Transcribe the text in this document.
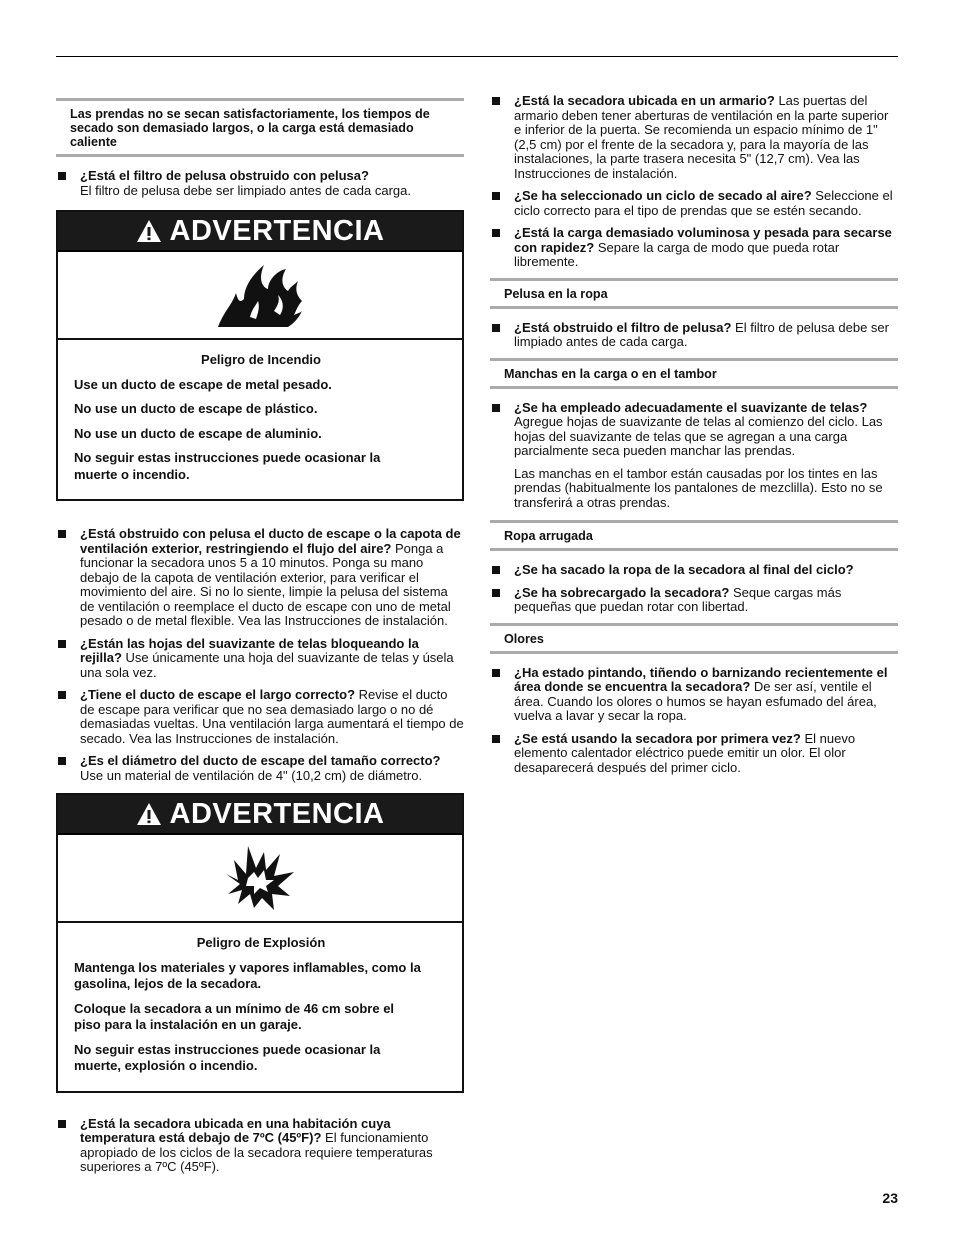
Las prendas no se secan satisfactoriamente, los tiempos de secado son demasiado largos, o la carga está demasiado caliente
¿Está el filtro de pelusa obstruido con pelusa?
El filtro de pelusa debe ser limpiado antes de cada carga.
ADVERTENCIA
Peligro de Incendio

Use un ducto de escape de metal pesado.

No use un ducto de escape de plástico.

No use un ducto de escape de aluminio.

No seguir estas instrucciones puede ocasionar la muerte o incendio.

¿Está obstruido con pelusa el ducto de escape o la capota de ventilación exterior, restringiendo el flujo del aire? Ponga a funcionar la secadora unos 5 a 10 minutos. Ponga su mano debajo de la capota de ventilación exterior, para verificar el movimiento del aire. Si no lo siente, limpie la pelusa del sistema de ventilación o reemplace el ducto de escape con uno de metal pesado o de metal flexible. Vea las Instrucciones de instalación.
¿Están las hojas del suavizante de telas bloqueando la rejilla? Use únicamente una hoja del suavizante de telas y úsela una sola vez.
¿Tiene el ducto de escape el largo correcto? Revise el ducto de escape para verificar que no sea demasiado largo o no dé demasiadas vueltas. Una ventilación larga aumentará el tiempo de secado. Vea las Instrucciones de instalación.
¿Es el diámetro del ducto de escape del tamaño correcto? Use un material de ventilación de 4" (10,2 cm) de diámetro.
ADVERTENCIA
Peligro de Explosión

Mantenga los materiales y vapores inflamables, como la gasolina, lejos de la secadora.

Coloque la secadora a un mínimo de 46 cm sobre el piso para la instalación en un garaje.

No seguir estas instrucciones puede ocasionar la muerte, explosión o incendio.

¿Está la secadora ubicada en una habitación cuya temperatura está debajo de 7ºC (45ºF)? El funcionamiento apropiado de los ciclos de la secadora requiere temperaturas superiores a 7ºC (45ºF).
¿Está la secadora ubicada en un armario? Las puertas del armario deben tener aberturas de ventilación en la parte superior e inferior de la puerta. Se recomienda un espacio mínimo de 1" (2,5 cm) por el frente de la secadora y, para la mayoría de las instalaciones, la parte trasera necesita 5" (12,7 cm). Vea las Instrucciones de instalación.
¿Se ha seleccionado un ciclo de secado al aire? Seleccione el ciclo correcto para el tipo de prendas que se estén secando.
¿Está la carga demasiado voluminosa y pesada para secarse con rapidez? Separe la carga de modo que pueda rotar libremente.
Pelusa en la ropa
¿Está obstruido el filtro de pelusa? El filtro de pelusa debe ser limpiado antes de cada carga.
Manchas en la carga o en el tambor
¿Se ha empleado adecuadamente el suavizante de telas? Agregue hojas de suavizante de telas al comienzo del ciclo. Las hojas del suavizante de telas que se agregan a una carga parcialmente seca pueden manchar las prendas.
Las manchas en el tambor están causadas por los tintes en las prendas (habitualmente los pantalones de mezclilla). Esto no se transferirá a otras prendas.
Ropa arrugada
¿Se ha sacado la ropa de la secadora al final del ciclo?
¿Se ha sobrecargado la secadora? Seque cargas más pequeñas que puedan rotar con libertad.
Olores
¿Ha estado pintando, tiñendo o barnizando recientemente el área donde se encuentra la secadora? De ser así, ventile el área. Cuando los olores o humos se hayan esfumado del área, vuelva a lavar y secar la ropa.
¿Se está usando la secadora por primera vez? El nuevo elemento calentador eléctrico puede emitir un olor. El olor desaparecerá después del primer ciclo.
23
